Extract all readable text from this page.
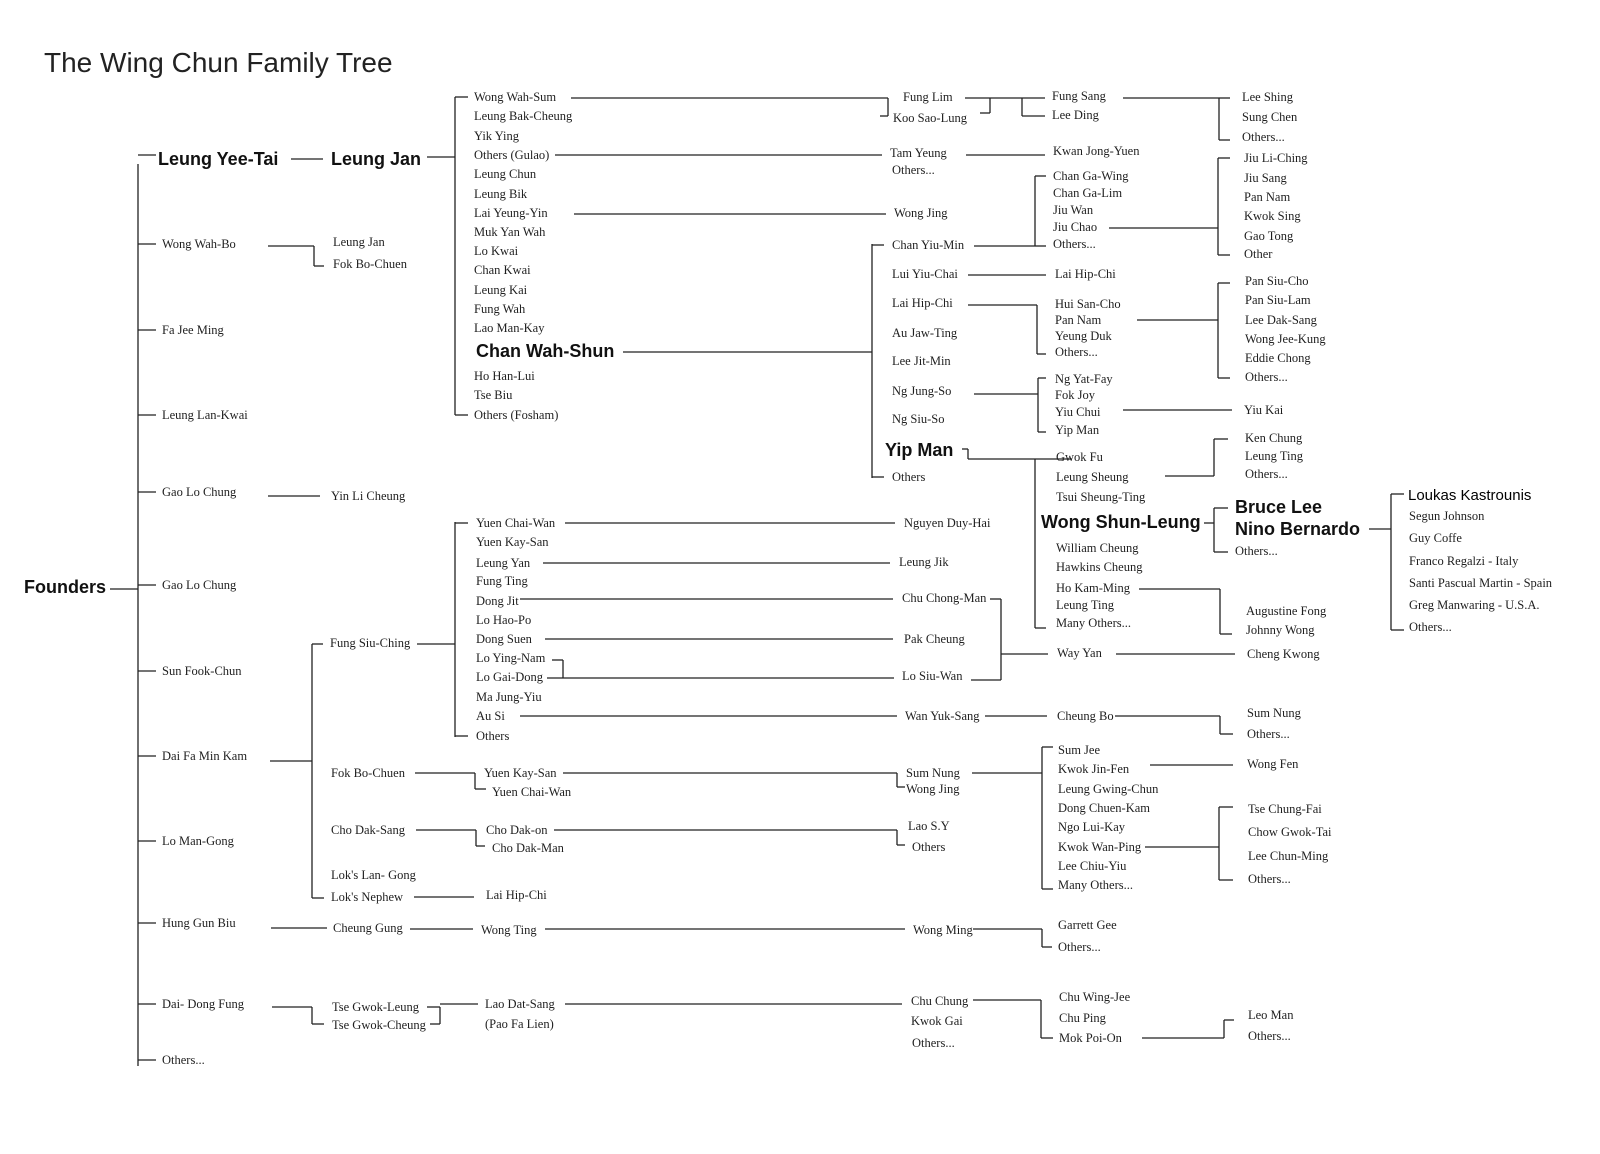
The Wing Chun Family Tree
Founders
Leung Yee-Tai
Wong Wah-Bo
Fa Jee Ming
Leung Lan-Kwai
Gao Lo Chung
Gao Lo Chung
Sun Fook-Chun
Dai Fa Min Kam
Lo Man-Gong
Hung Gun Biu
Dai- Dong Fung
Others...
Leung Jan
Leung Jan
Fok Bo-Chuen
Yin Li Cheung
Wong Wah-Sum
Leung Bak-Cheung
Yik Ying
Others (Gulao)
Leung Chun
Leung Bik
Lai Yeung-Yin
Muk Yan Wah
Lo Kwai
Chan Kwai
Leung Kai
Fung Wah
Lao Man-Kay
Chan Wah-Shun
Ho Han-Lui
Tse Biu
Others (Fosham)
Fung Lim
Koo Sao-Lung
Fung Sang
Lee Ding
Lee Shing
Sung Chen
Others...
Tam Yeung
Others...
Kwan Jong-Yuen
Wong Jing
Chan Yiu-Min
Lui Yiu-Chai
Lai Hip-Chi
Au Jaw-Ting
Lee Jit-Min
Ng Jung-So
Ng Siu-So
Yip Man
Others
Chan Ga-Wing
Chan Ga-Lim
Jiu Wan
Jiu Chao
Others...
Jiu Li-Ching
Jiu Sang
Pan Nam
Kwok Sing
Gao Tong
Other
Lai Hip-Chi
Hui San-Cho
Pan Nam
Yeung Duk
Others...
Pan Siu-Cho
Pan Siu-Lam
Lee Dak-Sang
Wong Jee-Kung
Eddie Chong
Others...
Ng Yat-Fay
Fok Joy
Yiu Chui
Yip Man
Yiu Kai
Gwok Fu
Leung Sheung
Tsui Sheung-Ting
Wong Shun-Leung
William Cheung
Hawkins Cheung
Ho Kam-Ming
Leung Ting
Many Others...
Ken Chung
Leung Ting
Others...
Bruce Lee
Nino Bernardo
Others...
Loukas Kastrounis
Segun Johnson
Guy Coffe
Franco Regalzi - Italy
Santi Pascual Martin - Spain
Greg Manwaring - U.S.A.
Others...
Augustine Fong
Johnny Wong
Fung Siu-Ching
Yuen Chai-Wan
Yuen Kay-San
Leung Yan
Fung Ting
Dong Jit
Lo Hao-Po
Dong Suen
Lo Ying-Nam
Lo Gai-Dong
Ma Jung-Yiu
Au Si
Others
Nguyen Duy-Hai
Leung Jik
Chu Chong-Man
Pak Cheung
Lo Siu-Wan
Way Yan	Cheng Kwong
Wan Yuk-Sang	Cheung Bo	Sum Nung
Others...
Fok Bo-Chuen
Cho Dak-Sang
Lok's Lan- Gong
Lok's Nephew
Yuen Kay-San
Yuen Chai-Wan
Sum Nung
Wong Jing
Sum Jee
Kwok Jin-Fen
Leung Gwing-Chun
Dong Chuen-Kam
Ngo Lui-Kay
Kwok Wan-Ping
Lee Chiu-Yiu
Many Others...
Wong Fen
Tse Chung-Fai
Chow Gwok-Tai
Lee Chun-Ming
Others...
Cho Dak-on
Cho Dak-Man
Lao S.Y
Others
Lai Hip-Chi
Cheung Gung	Wong Ting	Wong Ming	Garrett Gee
Others...
Tse Gwok-Leung
Tse Gwok-Cheung
Lao Dat-Sang
(Pao Fa Lien)
Chu Chung
Kwok Gai
Others...
Chu Wing-Jee
Chu Ping
Mok Poi-On
Leo Man
Others...
